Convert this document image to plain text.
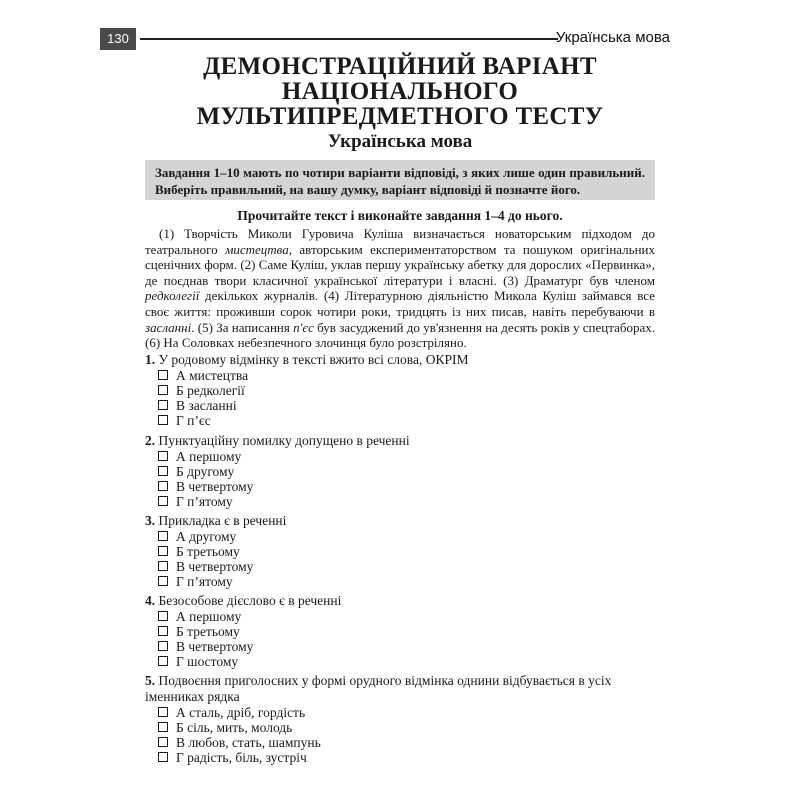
130	Українська мова
ДЕМОНСТРАЦІЙНИЙ ВАРІАНТ
НАЦІОНАЛЬНОГО
МУЛЬТИПРЕДМЕТНОГО ТЕСТУ
Українська мова
Завдання 1–10 мають по чотири варіанти відповіді, з яких лише один правильний. Виберіть правильний, на вашу думку, варіант відповіді й позначте його.
Прочитайте текст і виконайте завдання 1–4 до нього.

(1) Творчість Миколи Гуровича Куліша визначається новаторським підходом до театрального мистецтва, авторським експериментаторством та пошуком оригінальних сценічних форм. (2) Саме Куліш, уклав першу українську абетку для дорослих «Первинка», де поєднав твори класичної української літератури і власні. (3) Драматург був членом редколегії декількох журналів. (4) Літературною діяльністю Микола Куліш займався все своє життя: проживши сорок чотири роки, тридцять із них писав, навіть перебуваючи в засланні. (5) За написання п'єс був засуджений до ув'язнення на десять років у спецтаборах. (6) На Соловках небезпечного злочинця було розстріляно.

1. У родовому відмінку в тексті вжито всі слова, ОКРІМ
А мистецтва
Б редколегії
В засланні
Г п’єс
2. Пунктуаційну помилку допущено в реченні
А першому
Б другому
В четвертому
Г п’ятому
3. Прикладка є в реченні
А другому
Б третьому
В четвертому
Г п’ятому
4. Безособове дієслово є в реченні
А першому
Б третьому
В четвертому
Г шостому
5. Подвоєння приголосних у формі орудного відмінка однини відбувається в усіх іменниках рядка
А сталь, дріб, гордість
Б сіль, мить, молодь
В любов, стать, шампунь
Г радість, біль, зустріч
